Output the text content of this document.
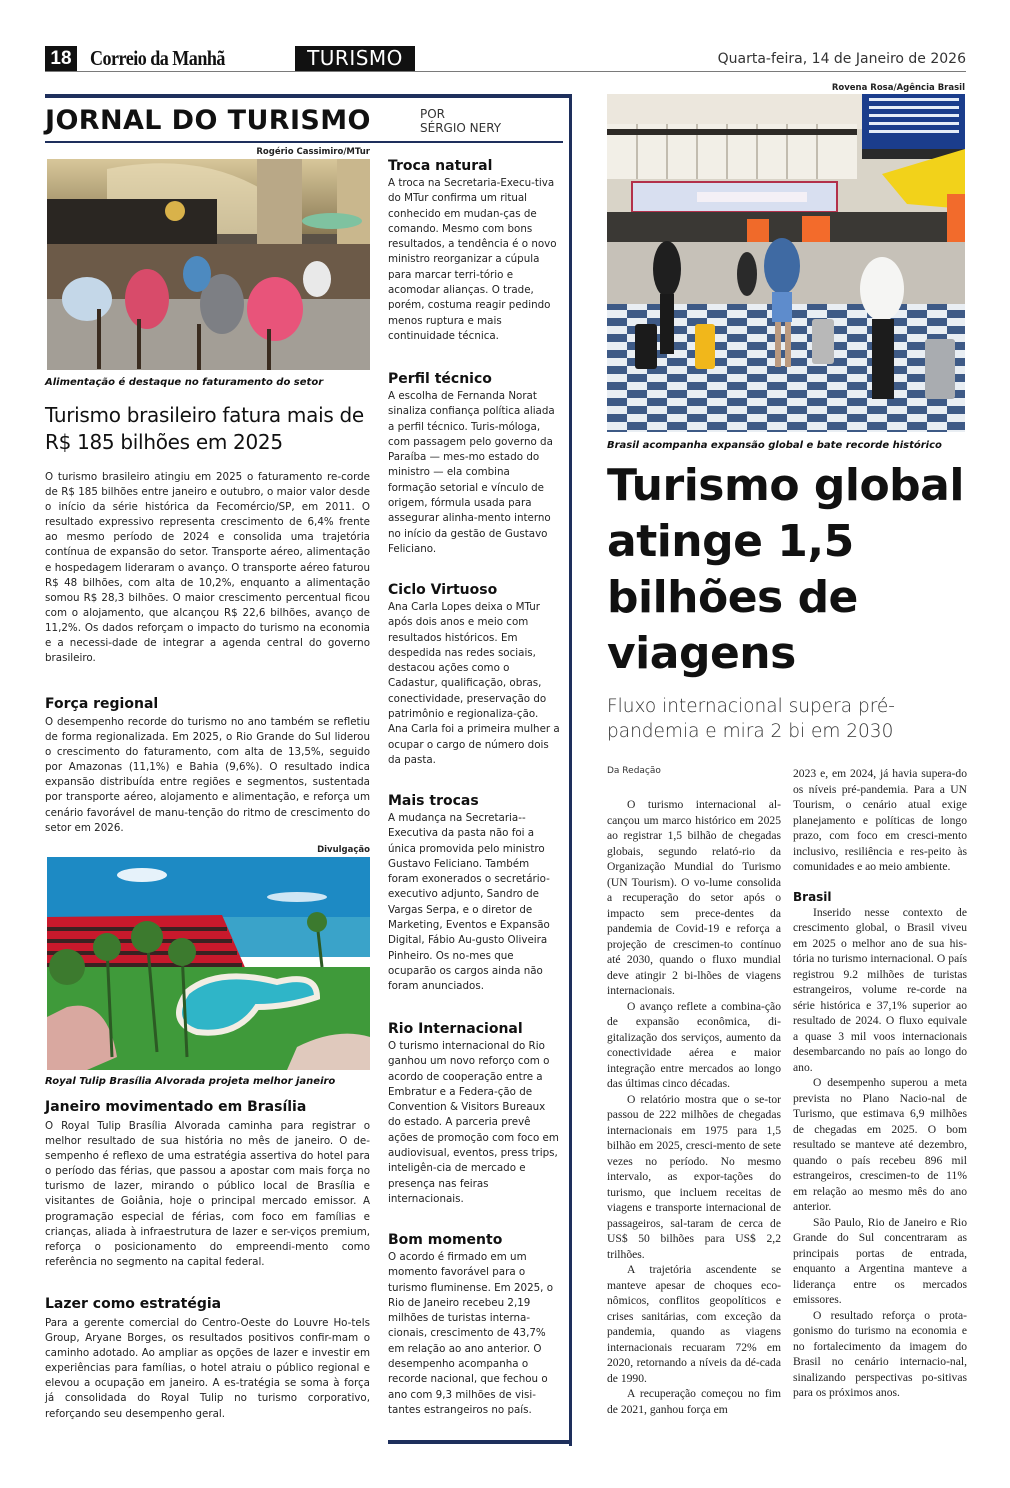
18 Correio da Manhã	TURISMO	Quarta-feira, 14 de Janeiro de 2026
JORNAL DO TURISMO	POR
SÉRGIO NERY
Rogério Cassimiro/MTur
Alimentação é destaque no faturamento do setor
Turismo brasileiro fatura mais de R$ 185 bilhões em 2025

O turismo brasileiro atingiu em 2025 o faturamento re-corde de R$ 185 bilhões entre janeiro e outubro, o maior valor desde o início da série histórica da Fecomércio/SP, em 2011. O resultado expressivo representa crescimento de 6,4% frente ao mesmo período de 2024 e consolida uma trajetória contínua de expansão do setor. Transporte aéreo, alimentação e hospedagem lideraram o avanço. O transporte aéreo faturou R$ 48 bilhões, com alta de 10,2%, enquanto a alimentação somou R$ 28,3 bilhões. O maior crescimento percentual ficou com o alojamento, que alcançou R$ 22,6 bilhões, avanço de 11,2%. Os dados reforçam o impacto do turismo na economia e a necessi-dade de integrar a agenda central do governo brasileiro.

Força regional

O desempenho recorde do turismo no ano também se refletiu de forma regionalizada. Em 2025, o Rio Grande do Sul liderou o crescimento do faturamento, com alta de 13,5%, seguido por Amazonas (11,1%) e Bahia (9,6%). O resultado indica expansão distribuída entre regiões e segmentos, sustentada por transporte aéreo, alojamento e alimentação, e reforça um cenário favorável de manu-tenção do ritmo de crescimento do setor em 2026.

Divulgação
Royal Tulip Brasília Alvorada projeta melhor janeiro
Janeiro movimentado em Brasília

O Royal Tulip Brasília Alvorada caminha para registrar o melhor resultado de sua história no mês de janeiro. O de-sempenho é reflexo de uma estratégia assertiva do hotel para o período das férias, que passou a apostar com mais força no turismo de lazer, mirando o público local de Brasília e visitantes de Goiânia, hoje o principal mercado emissor. A programação especial de férias, com foco em famílias e crianças, aliada à infraestrutura de lazer e ser-viços premium, reforça o posicionamento do empreendi-mento como referência no segmento na capital federal.

Lazer como estratégia

Para a gerente comercial do Centro-Oeste do Louvre Ho-tels Group, Aryane Borges, os resultados positivos confir-mam o caminho adotado. Ao ampliar as opções de lazer e investir em experiências para famílias, o hotel atraiu o público regional e elevou a ocupação em janeiro. A es-tratégia se soma à força já consolidada do Royal Tulip no turismo corporativo, reforçando seu desempenho geral.

Troca natural

A troca na Secretaria-Execu-tiva do MTur confirma um ritual conhecido em mudan-ças de comando. Mesmo com bons resultados, a tendência é o novo ministro reorganizar a cúpula para marcar terri-tório e acomodar alianças. O trade, porém, costuma reagir pedindo menos ruptura e mais continuidade técnica.

Perfil técnico

A escolha de Fernanda Norat sinaliza confiança política aliada a perfil técnico. Turis-móloga, com passagem pelo governo da Paraíba — mes-mo estado do ministro — ela combina formação setorial e vínculo de origem, fórmula usada para assegurar alinha-mento interno no início da gestão de Gustavo Feliciano.

Ciclo Virtuoso

Ana Carla Lopes deixa o MTur após dois anos e meio com resultados históricos. Em despedida nas redes sociais, destacou ações como o Cadastur, qualificação, obras, conectividade, preservação do patrimônio e regionaliza-ção. Ana Carla foi a primeira mulher a ocupar o cargo de número dois da pasta.

Mais trocas

A mudança na Secretaria--Executiva da pasta não foi a única promovida pelo ministro Gustavo Feliciano. Também foram exonerados o secretário-executivo adjunto, Sandro de Vargas Serpa, e o diretor de Marketing, Eventos e Expansão Digital, Fábio Au-gusto Oliveira Pinheiro. Os no-mes que ocuparão os cargos ainda não foram anunciados.

Rio Internacional

O turismo internacional do Rio ganhou um novo reforço com o acordo de cooperação entre a Embratur e a Federa-ção de Convention & Visitors Bureaux do estado. A parceria prevê ações de promoção com foco em audiovisual, eventos, press trips, inteligên-cia de mercado e presença nas feiras internacionais.

Bom momento

O acordo é firmado em um momento favorável para o turismo fluminense. Em 2025, o Rio de Janeiro recebeu 2,19 milhões de turistas interna-cionais, crescimento de 43,7% em relação ao ano anterior. O desempenho acompanha o recorde nacional, que fechou o ano com 9,3 milhões de visi-tantes estrangeiros no país.

Rovena Rosa/Agência Brasil
Brasil acompanha expansão global e bate recorde histórico
Turismo global atinge 1,5 bilhões de viagens
Fluxo internacional supera pré-pandemia e mira 2 bi em 2030
Da Redação

O turismo internacional al-cançou um marco histórico em 2025 ao registrar 1,5 bilhão de chegadas globais, segundo relató-rio da Organização Mundial do Turismo (UN Tourism). O vo-lume consolida a recuperação do setor após o impacto sem prece-dentes da pandemia de Covid-19 e reforça a projeção de crescimen-to contínuo até 2030, quando o fluxo mundial deve atingir 2 bi-lhões de viagens internacionais.

O avanço reflete a combina-ção de expansão econômica, di-gitalização dos serviços, aumento da conectividade aérea e maior integração entre mercados ao longo das últimas cinco décadas.

O relatório mostra que o se-tor passou de 222 milhões de chegadas internacionais em 1975 para 1,5 bilhão em 2025, cresci-mento de sete vezes no período. No mesmo intervalo, as expor-tações do turismo, que incluem receitas de viagens e transporte internacional de passageiros, sal-taram de cerca de US$ 50 bilhões para US$ 2,2 trilhões.

A trajetória ascendente se manteve apesar de choques eco-nômicos, conflitos geopolíticos e crises sanitárias, com exceção da pandemia, quando as viagens internacionais recuaram 72% em 2020, retornando a níveis da dé-cada de 1990.

A recuperação começou no fim de 2021, ganhou força em

2023 e, em 2024, já havia supera-do os níveis pré-pandemia. Para a UN Tourism, o cenário atual exige planejamento e políticas de longo prazo, com foco em cresci-mento inclusivo, resiliência e res-peito às comunidades e ao meio ambiente.

Brasil

Inserido nesse contexto de crescimento global, o Brasil viveu em 2025 o melhor ano de sua his-tória no turismo internacional. O país registrou 9.2 milhões de turistas estrangeiros, volume re-corde na série histórica e 37,1% superior ao resultado de 2024. O fluxo equivale a quase 3 mil voos internacionais desembarcando no país ao longo do ano.

O desempenho superou a meta prevista no Plano Nacio-nal de Turismo, que estimava 6,9 milhões de chegadas em 2025. O bom resultado se manteve até dezembro, quando o país recebeu 896 mil estrangeiros, crescimen-to de 11% em relação ao mesmo mês do ano anterior.

São Paulo, Rio de Janeiro e Rio Grande do Sul concentraram as principais portas de entrada, enquanto a Argentina manteve a liderança entre os mercados emissores.

O resultado reforça o prota-gonismo do turismo na economia e no fortalecimento da imagem do Brasil no cenário internacio-nal, sinalizando perspectivas po-sitivas para os próximos anos.
